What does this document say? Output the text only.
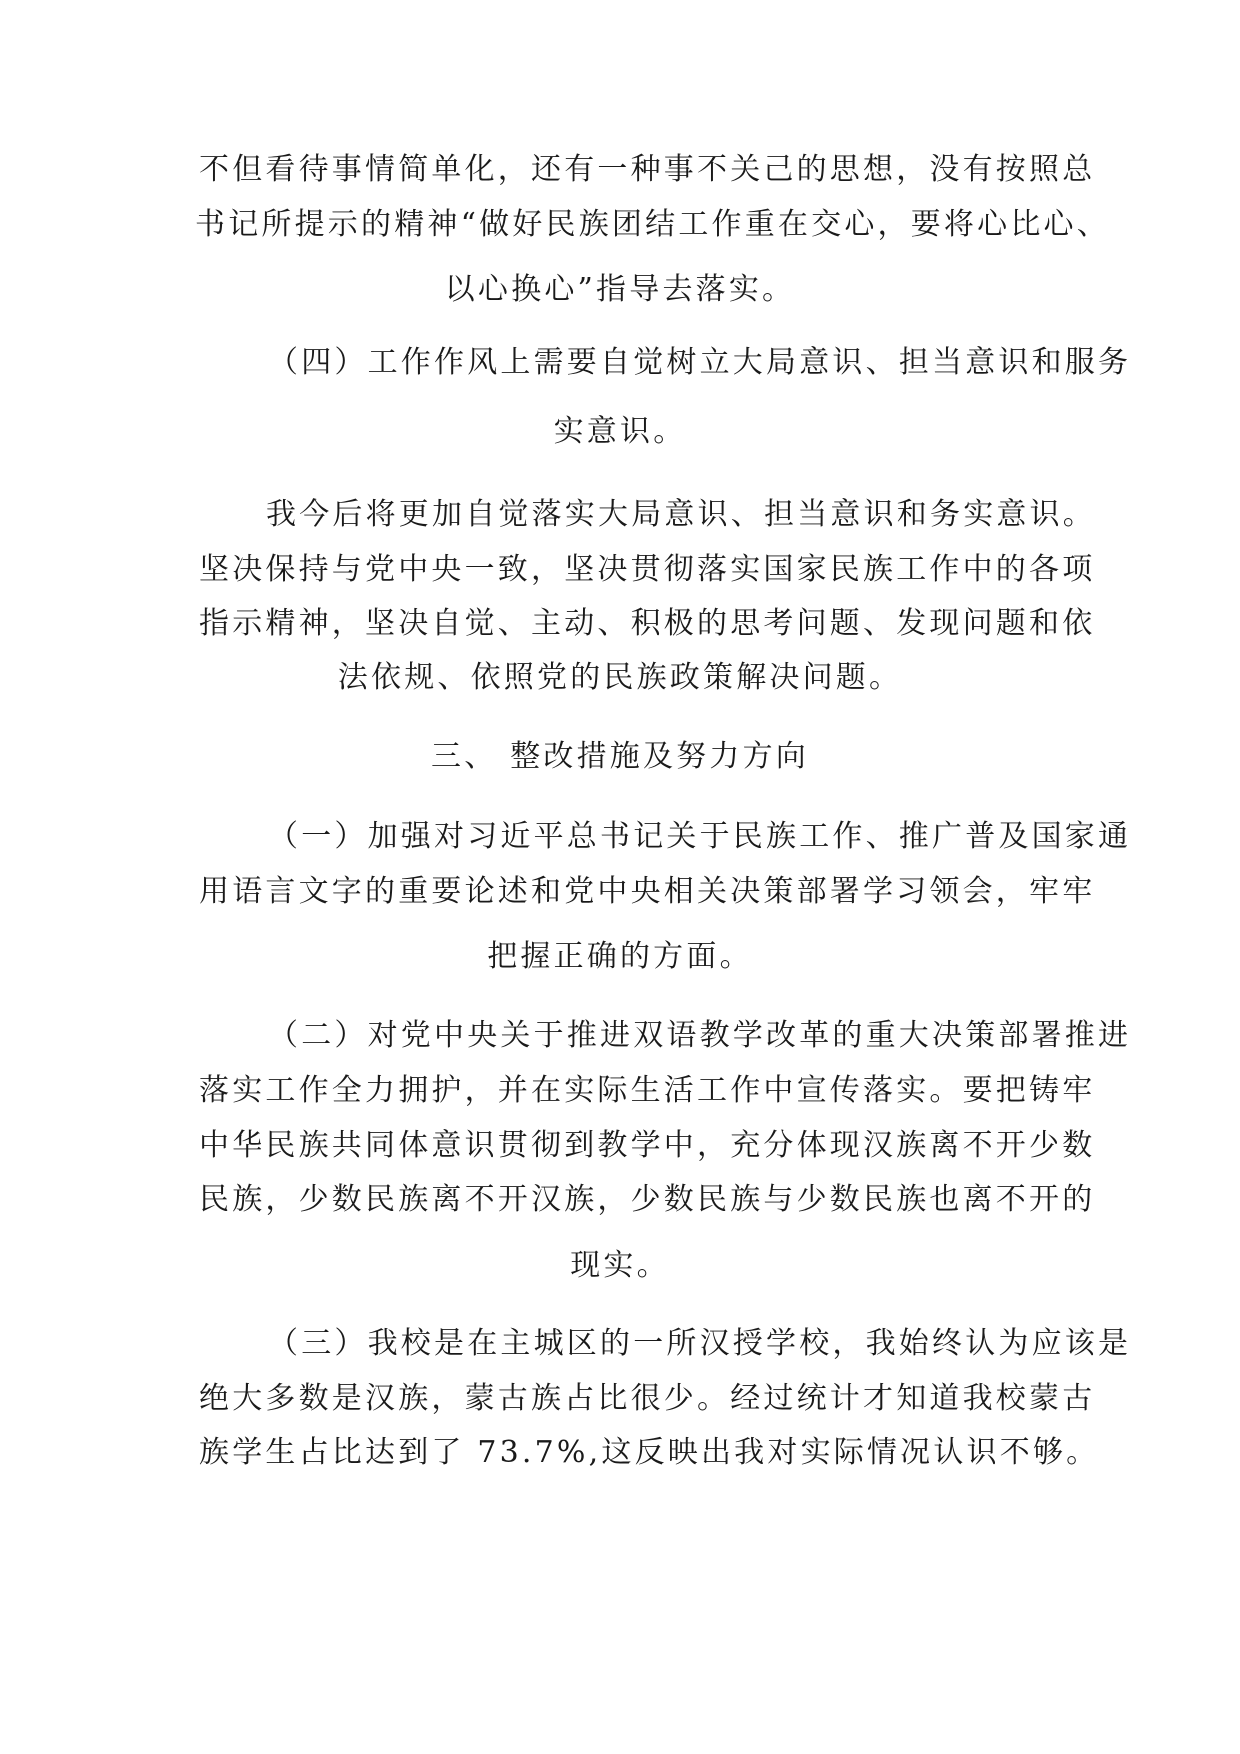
不但看待事情简单化，还有一种事不关己的思想，没有按照总
书记所提示的精神“做好民族团结工作重在交心，要将心比心、
以心换心”指导去落实。
（四）工作作风上需要自觉树立大局意识、担当意识和服务
实意识。
我今后将更加自觉落实大局意识、担当意识和务实意识。
坚决保持与党中央一致，坚决贯彻落实国家民族工作中的各项
指示精神，坚决自觉、主动、积极的思考问题、发现问题和依
法依规、依照党的民族政策解决问题。
三、 整改措施及努力方向
（一）加强对习近平总书记关于民族工作、推广普及国家通
用语言文字的重要论述和党中央相关决策部署学习领会，牢牢
把握正确的方面。
（二）对党中央关于推进双语教学改革的重大决策部署推进
落实工作全力拥护，并在实际生活工作中宣传落实。要把铸牢
中华民族共同体意识贯彻到教学中，充分体现汉族离不开少数
民族，少数民族离不开汉族，少数民族与少数民族也离不开的
现实。
（三）我校是在主城区的一所汉授学校，我始终认为应该是
绝大多数是汉族，蒙古族占比很少。经过统计才知道我校蒙古
族学生占比达到了 73.7%,这反映出我对实际情况认识不够。
